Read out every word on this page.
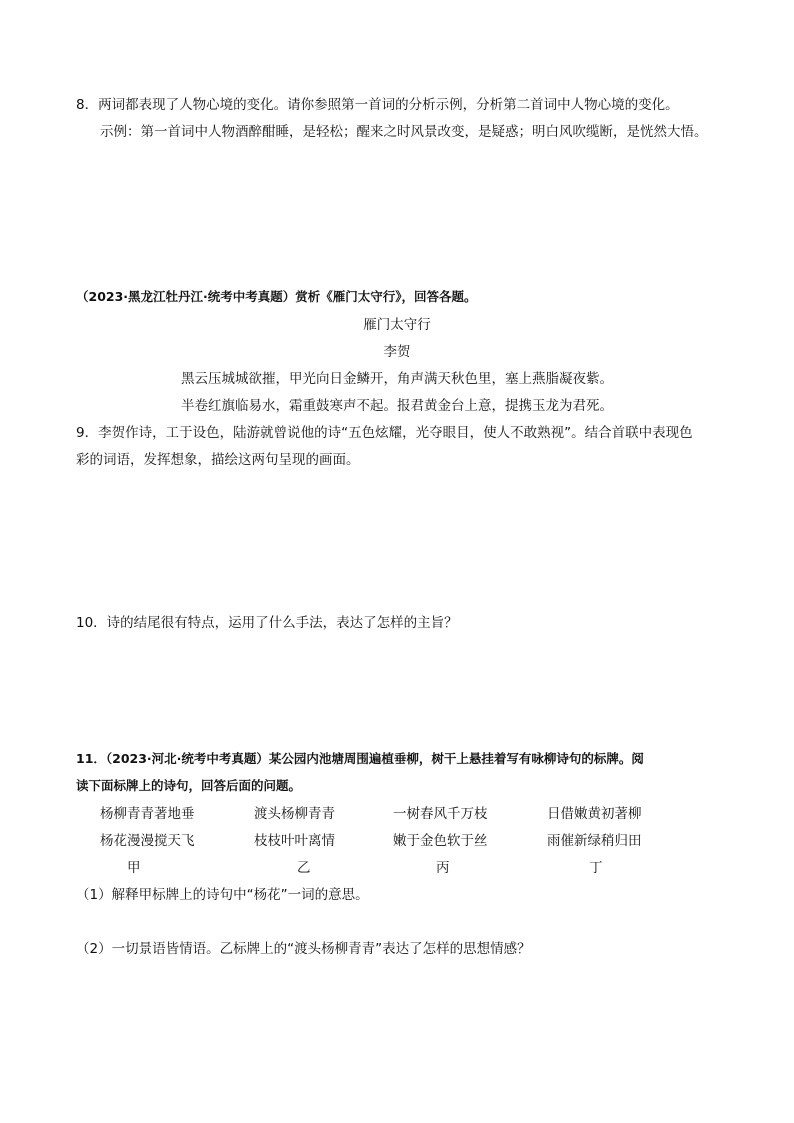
8．两词都表现了人物心境的变化。请你参照第一首词的分析示例，分析第二首词中人物心境的变化。
示例：第一首词中人物酒醉酣睡，是轻松；醒来之时风景改变，是疑惑；明白风吹缆断，是恍然大悟。
（2023·黑龙江牡丹江·统考中考真题）赏析《雁门太守行》，回答各题。
雁门太守行
李贺
黑云压城城欲摧，甲光向日金鳞开，角声满天秋色里，塞上燕脂凝夜紫。
半卷红旗临易水，霜重鼓寒声不起。报君黄金台上意，提携玉龙为君死。
9．李贺作诗，工于设色，陆游就曾说他的诗“五色炫耀，光夺眼目，使人不敢熟视”。结合首联中表现色
彩的词语，发挥想象，描绘这两句呈现的画面。
10．诗的结尾很有特点，运用了什么手法，表达了怎样的主旨？
11．（2023·河北·统考中考真题）某公园内池塘周围遍植垂柳，树干上悬挂着写有咏柳诗句的标牌。阅
读下面标牌上的诗句，回答后面的问题。
杨柳青青著地垂	渡头杨柳青青	一树春风千万枝	日借嫩黄初著柳
杨花漫漫搅天飞	枝枝叶叶离情	嫩于金色软于丝	雨催新绿稍归田
甲	乙	丙	丁
（1）解释甲标牌上的诗句中“杨花”一词的意思。
（2）一切景语皆情语。乙标牌上的“渡头杨柳青青”表达了怎样的思想情感？
